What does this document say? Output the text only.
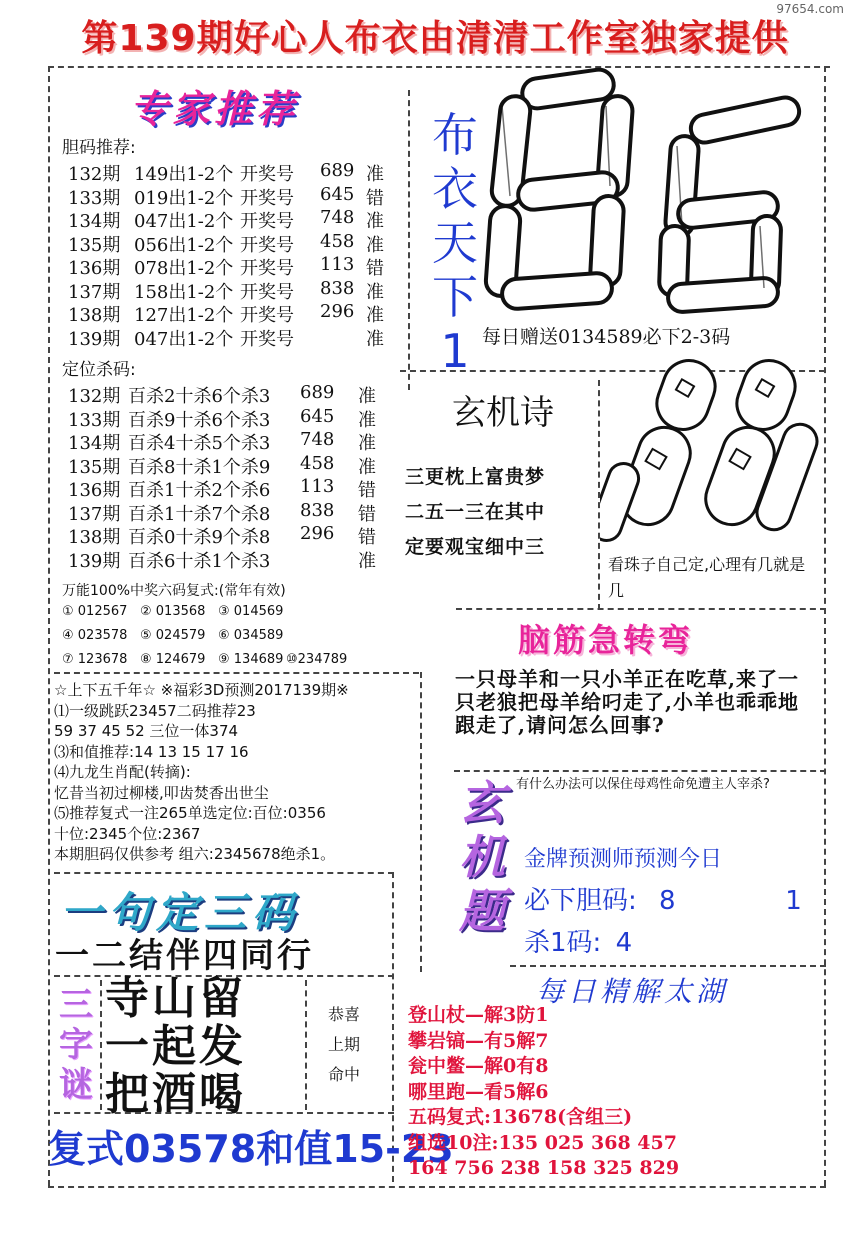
97654.com
第139期好心人布衣由清清工作室独家提供
专家推荐
胆码推荐:
132期 149出1-2个 开奖号 689 准
133期 019出1-2个 开奖号 645 错
134期 047出1-2个 开奖号 748 准
135期 056出1-2个 开奖号 458 准
136期 078出1-2个 开奖号 113 错
137期 158出1-2个 开奖号 838 准
138期 127出1-2个 开奖号 296 准
139期 047出1-2个 开奖号	准
定位杀码:
132期 百杀2十杀6个杀3 689 准
133期 百杀9十杀6个杀3 645 准
134期 百杀4十杀5个杀3 748 准
135期 百杀8十杀1个杀9 458 准
136期 百杀1十杀2个杀6 113 错
137期 百杀1十杀7个杀8 838 错
138期 百杀0十杀9个杀8 296 错
139期 百杀6十杀1个杀3	准
万能100%中奖六码复式:(常年有效)
① 012567 ② 013568 ③ 014569
④ 023578 ⑤ 024579 ⑥ 034589
⑦ 123678 ⑧ 124679 ⑨ 134689 ⑩234789
☆上下五千年☆ ※福彩3D预测2017139期※
⑴一级跳跃23457二码推荐23
59 37 45 52 三位一体374
⑶和值推荐:14 13 15 17 16
⑷九龙生肖配(转摘):
忆昔当初过柳楼,叩齿焚香出世尘
⑸推荐复式一注265单选定位:百位:0356
十位:2345个位:2367
本期胆码仅供参考 组六:2345678绝杀1。
一句定三码
一二结伴四同行
三
字
谜
寺山留
一起发
把酒喝
恭喜
上期
命中
复式03578和值15-23
布
衣
天
下
1 每日赠送0134589必下2-3码
玄机诗
三更枕上富贵梦
二五一三在其中
定要观宝细中三
看珠子自己定,心理有几就是几
脑筋急转弯
一只母羊和一只小羊正在吃草,来了一只老狼把母羊给叼走了,小羊也乖乖地跟走了,请问怎么回事?
玄
机
题
有什么办法可以保住母鸡性命免遭主人宰杀?
金牌预测师预测今日
必下胆码: 8	1
杀1码: 4
每日精解太湖
登山杖—解3防1
攀岩镐—有5解7
瓮中鳖—解0有8
哪里跑—看5解6
五码复式:13678(含组三)
组选10注:135 025 368 457
164 756 238 158 325 829
